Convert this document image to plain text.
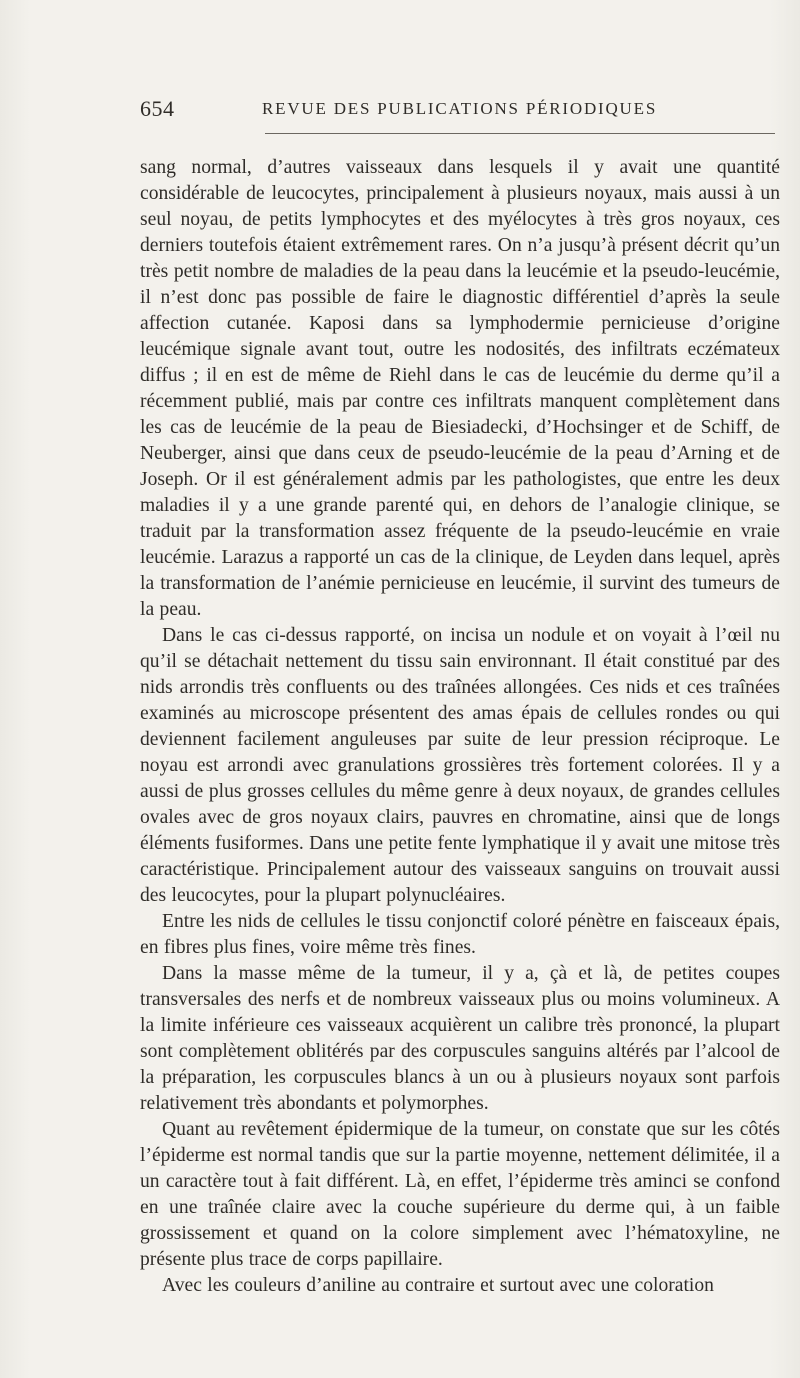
654	REVUE DES PUBLICATIONS PÉRIODIQUES

sang normal, d’autres vaisseaux dans lesquels il y avait une quantité considérable de leucocytes, principalement à plusieurs noyaux, mais aussi à un seul noyau, de petits lymphocytes et des myélocytes à très gros noyaux, ces derniers toutefois étaient extrêmement rares. On n’a jusqu’à présent décrit qu’un très petit nombre de maladies de la peau dans la leucémie et la pseudo-leucémie, il n’est donc pas possible de faire le diagnostic différentiel d’après la seule affection cutanée. Kaposi dans sa lymphodermie pernicieuse d’origine leucémique signale avant tout, outre les nodosités, des infiltrats eczémateux diffus ; il en est de même de Riehl dans le cas de leucémie du derme qu’il a récemment publié, mais par contre ces infiltrats manquent complètement dans les cas de leucémie de la peau de Biesiadecki, d’Hochsinger et de Schiff, de Neuberger, ainsi que dans ceux de pseudo-leucémie de la peau d’Arning et de Joseph. Or il est généralement admis par les pathologistes, que entre les deux maladies il y a une grande parenté qui, en dehors de l’analogie clinique, se traduit par la transformation assez fréquente de la pseudo-leucémie en vraie leucémie. Larazus a rapporté un cas de la clinique, de Leyden dans lequel, après la transformation de l’anémie pernicieuse en leucémie, il survint des tumeurs de la peau.

Dans le cas ci-dessus rapporté, on incisa un nodule et on voyait à l’œil nu qu’il se détachait nettement du tissu sain environnant. Il était constitué par des nids arrondis très confluents ou des traînées allongées. Ces nids et ces traînées examinés au microscope présentent des amas épais de cellules rondes ou qui deviennent facilement anguleuses par suite de leur pression réciproque. Le noyau est arrondi avec granulations grossières très fortement colorées. Il y a aussi de plus grosses cellules du même genre à deux noyaux, de grandes cellules ovales avec de gros noyaux clairs, pauvres en chromatine, ainsi que de longs éléments fusiformes. Dans une petite fente lymphatique il y avait une mitose très caractéristique. Principalement autour des vaisseaux sanguins on trouvait aussi des leucocytes, pour la plupart polynucléaires.

Entre les nids de cellules le tissu conjonctif coloré pénètre en faisceaux épais, en fibres plus fines, voire même très fines.

Dans la masse même de la tumeur, il y a, çà et là, de petites coupes transversales des nerfs et de nombreux vaisseaux plus ou moins volumineux. A la limite inférieure ces vaisseaux acquièrent un calibre très prononcé, la plupart sont complètement oblitérés par des corpuscules sanguins altérés par l’alcool de la préparation, les corpuscules blancs à un ou à plusieurs noyaux sont parfois relativement très abondants et polymorphes.

Quant au revêtement épidermique de la tumeur, on constate que sur les côtés l’épiderme est normal tandis que sur la partie moyenne, nettement délimitée, il a un caractère tout à fait différent. Là, en effet, l’épiderme très aminci se confond en une traînée claire avec la couche supérieure du derme qui, à un faible grossissement et quand on la colore simplement avec l’hématoxyline, ne présente plus trace de corps papillaire.

Avec les couleurs d’aniline au contraire et surtout avec une coloration
